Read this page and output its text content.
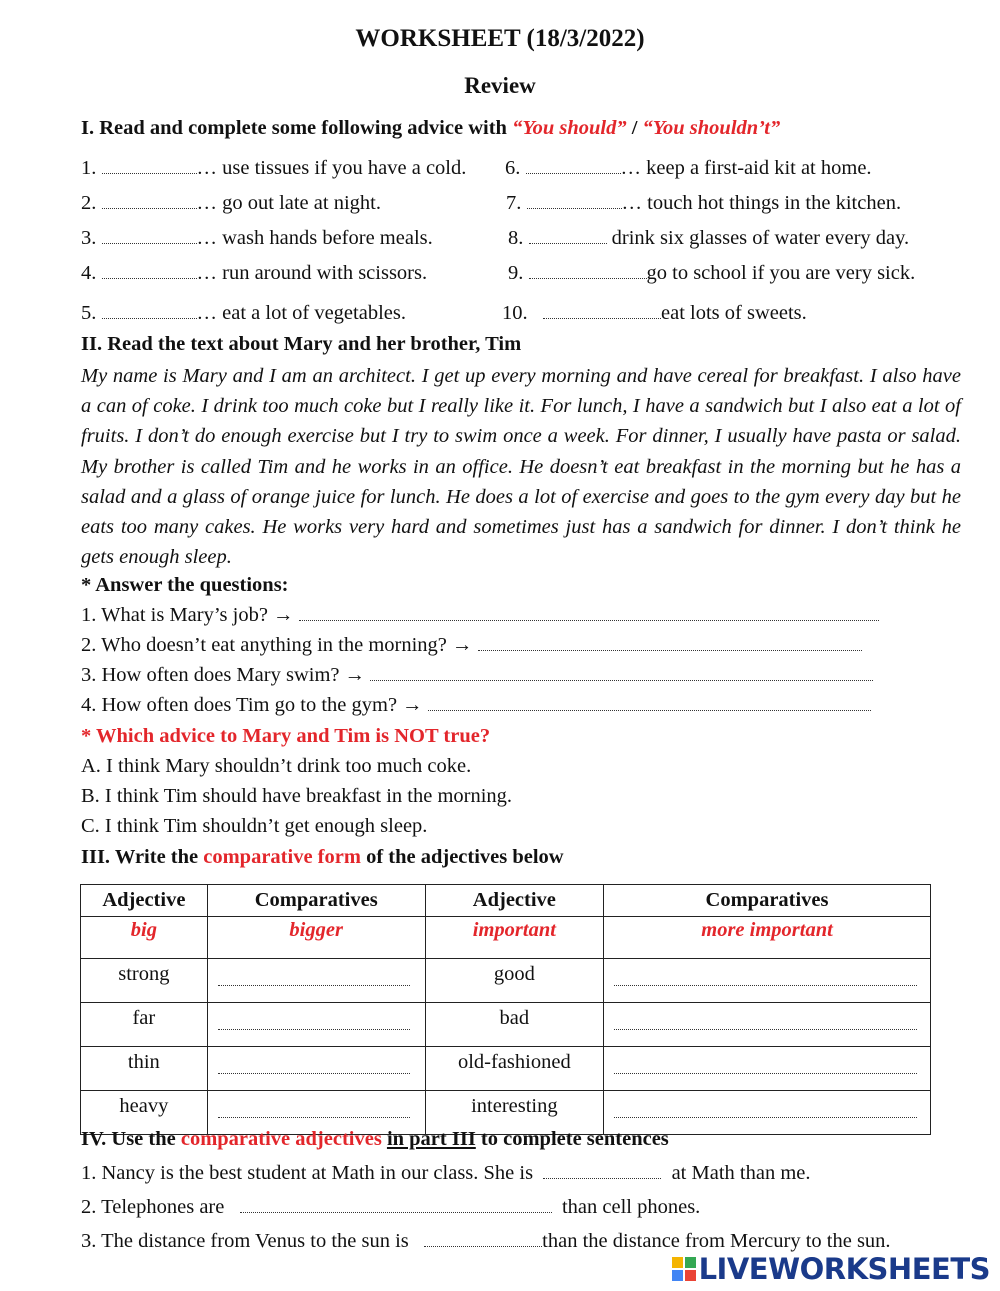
WORKSHEET (18/3/2022)
Review
I. Read and complete some following advice with “You should” / “You shouldn’t”
1.	… use tissues if you have a cold.
2.	… go out late at night.
3.	… wash hands before meals.
4.	… run around with scissors.
5.	… eat a lot of vegetables.
6.	… keep a first-aid kit at home.
7.	… touch hot things in the kitchen.
8.	drink six glasses of water every day.
9.	go to school if you are very sick.
10.	eat lots of sweets.
II. Read the text about Mary and her brother, Tim
My name is Mary and I am an architect. I get up every morning and have cereal for breakfast. I also have a can of coke. I drink too much coke but I really like it. For lunch, I have a sandwich but I also eat a lot of fruits. I don’t do enough exercise but I try to swim once a week. For dinner, I usually have pasta or salad. My brother is called Tim and he works in an office. He doesn’t eat breakfast in the morning but he has a salad and a glass of orange juice for lunch. He does a lot of exercise and goes to the gym every day but he eats too many cakes. He works very hard and sometimes just has a sandwich for dinner. I don’t think he gets enough sleep.
* Answer the questions:
1. What is Mary’s job? →
2. Who doesn’t eat anything in the morning? →
3. How often does Mary swim? →
4. How often does Tim go to the gym? →
* Which advice to Mary and Tim is NOT true?
A. I think Mary shouldn’t drink too much coke.
B. I think Tim should have breakfast in the morning.
C. I think Tim shouldn’t get enough sleep.
III. Write the comparative form of the adjectives below
Adjective	Comparatives	Adjective	Comparatives
big	bigger	important	more important
strong		good	
far		bad	
thin		old-fashioned	
heavy		interesting	
IV. Use the comparative adjectives in part III to complete sentences
1. Nancy is the best student at Math in our class. She is	at Math than me.
2. Telephones are	than cell phones.
3. The distance from Venus to the sun is	than the distance from Mercury to the sun.
LIVEWORKSHEETS
